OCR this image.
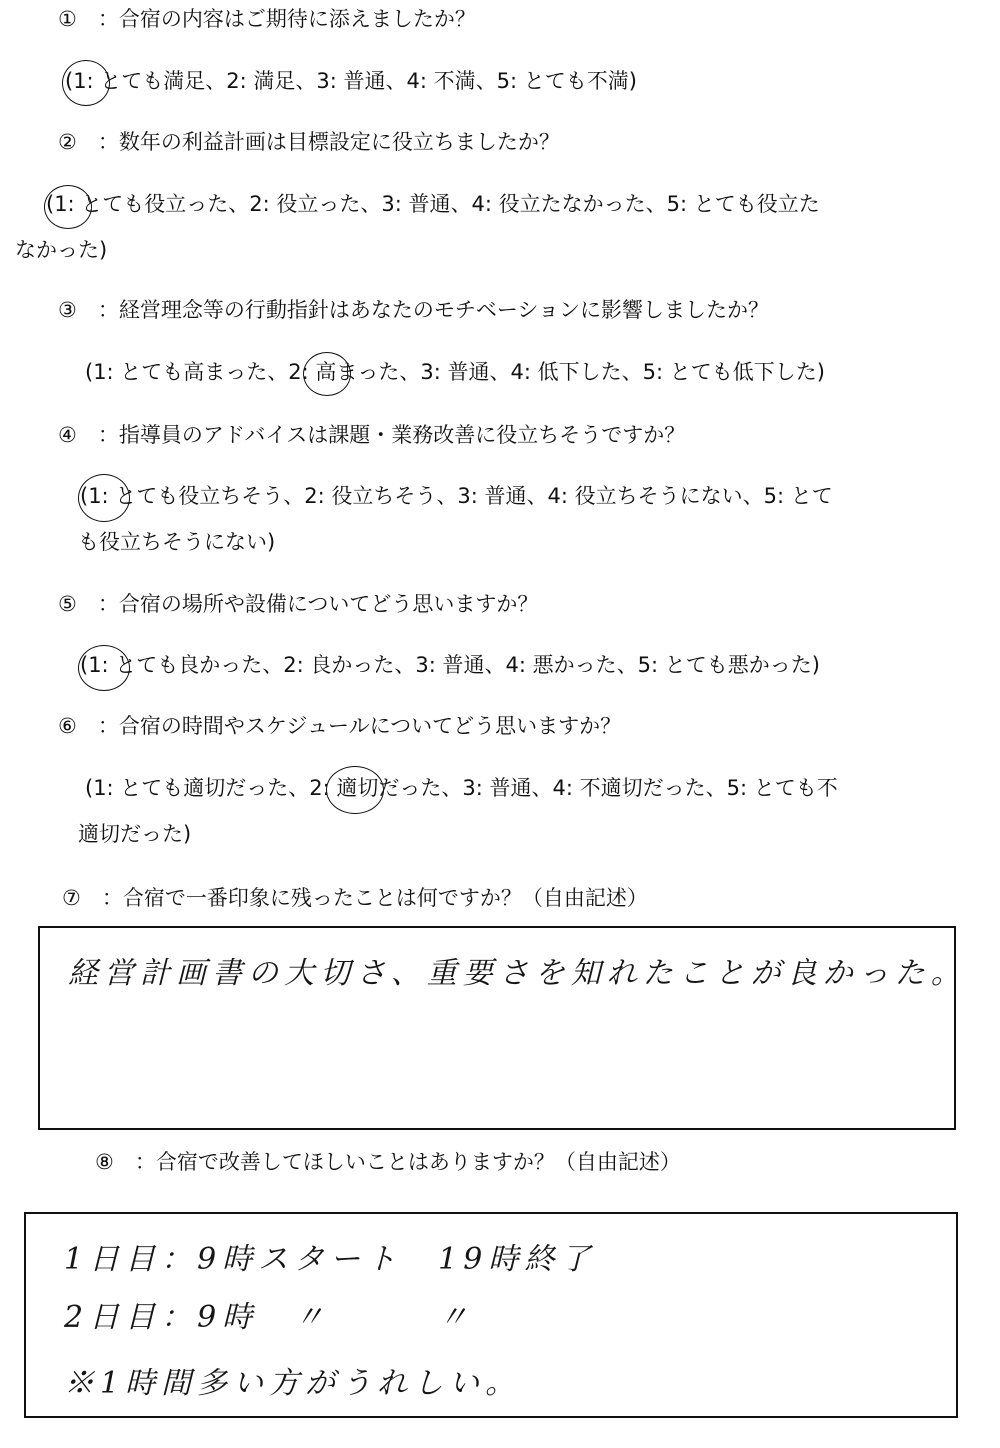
①　：合宿の内容はご期待に添えましたか？
(1: とても満足、2: 満足、3: 普通、4: 不満、5: とても不満)
②　：数年の利益計画は目標設定に役立ちましたか？
(1: とても役立った、2: 役立った、3: 普通、4: 役立たなかった、5: とても役立た
なかった)
③　：経営理念等の行動指針はあなたのモチベーションに影響しましたか？
(1: とても高まった、2: 高まった、3: 普通、4: 低下した、5: とても低下した)
④　：指導員のアドバイスは課題・業務改善に役立ちそうですか？
(1: とても役立ちそう、2: 役立ちそう、3: 普通、4: 役立ちそうにない、5: とて
も役立ちそうにない)
⑤　：合宿の場所や設備についてどう思いますか？
(1: とても良かった、2: 良かった、3: 普通、4: 悪かった、5: とても悪かった)
⑥　：合宿の時間やスケジュールについてどう思いますか？
(1: とても適切だった、2: 適切だった、3: 普通、4: 不適切だった、5: とても不
適切だった)
⑦　：合宿で一番印象に残ったことは何ですか？（自由記述）
経営計画書の大切さ、重要さを知れたことが良かった。
⑧　：合宿で改善してほしいことはありますか？（自由記述）
1日目：9時スタート　19時終了
2日目：9時　〃　　　〃
※1時間多い方がうれしい。
